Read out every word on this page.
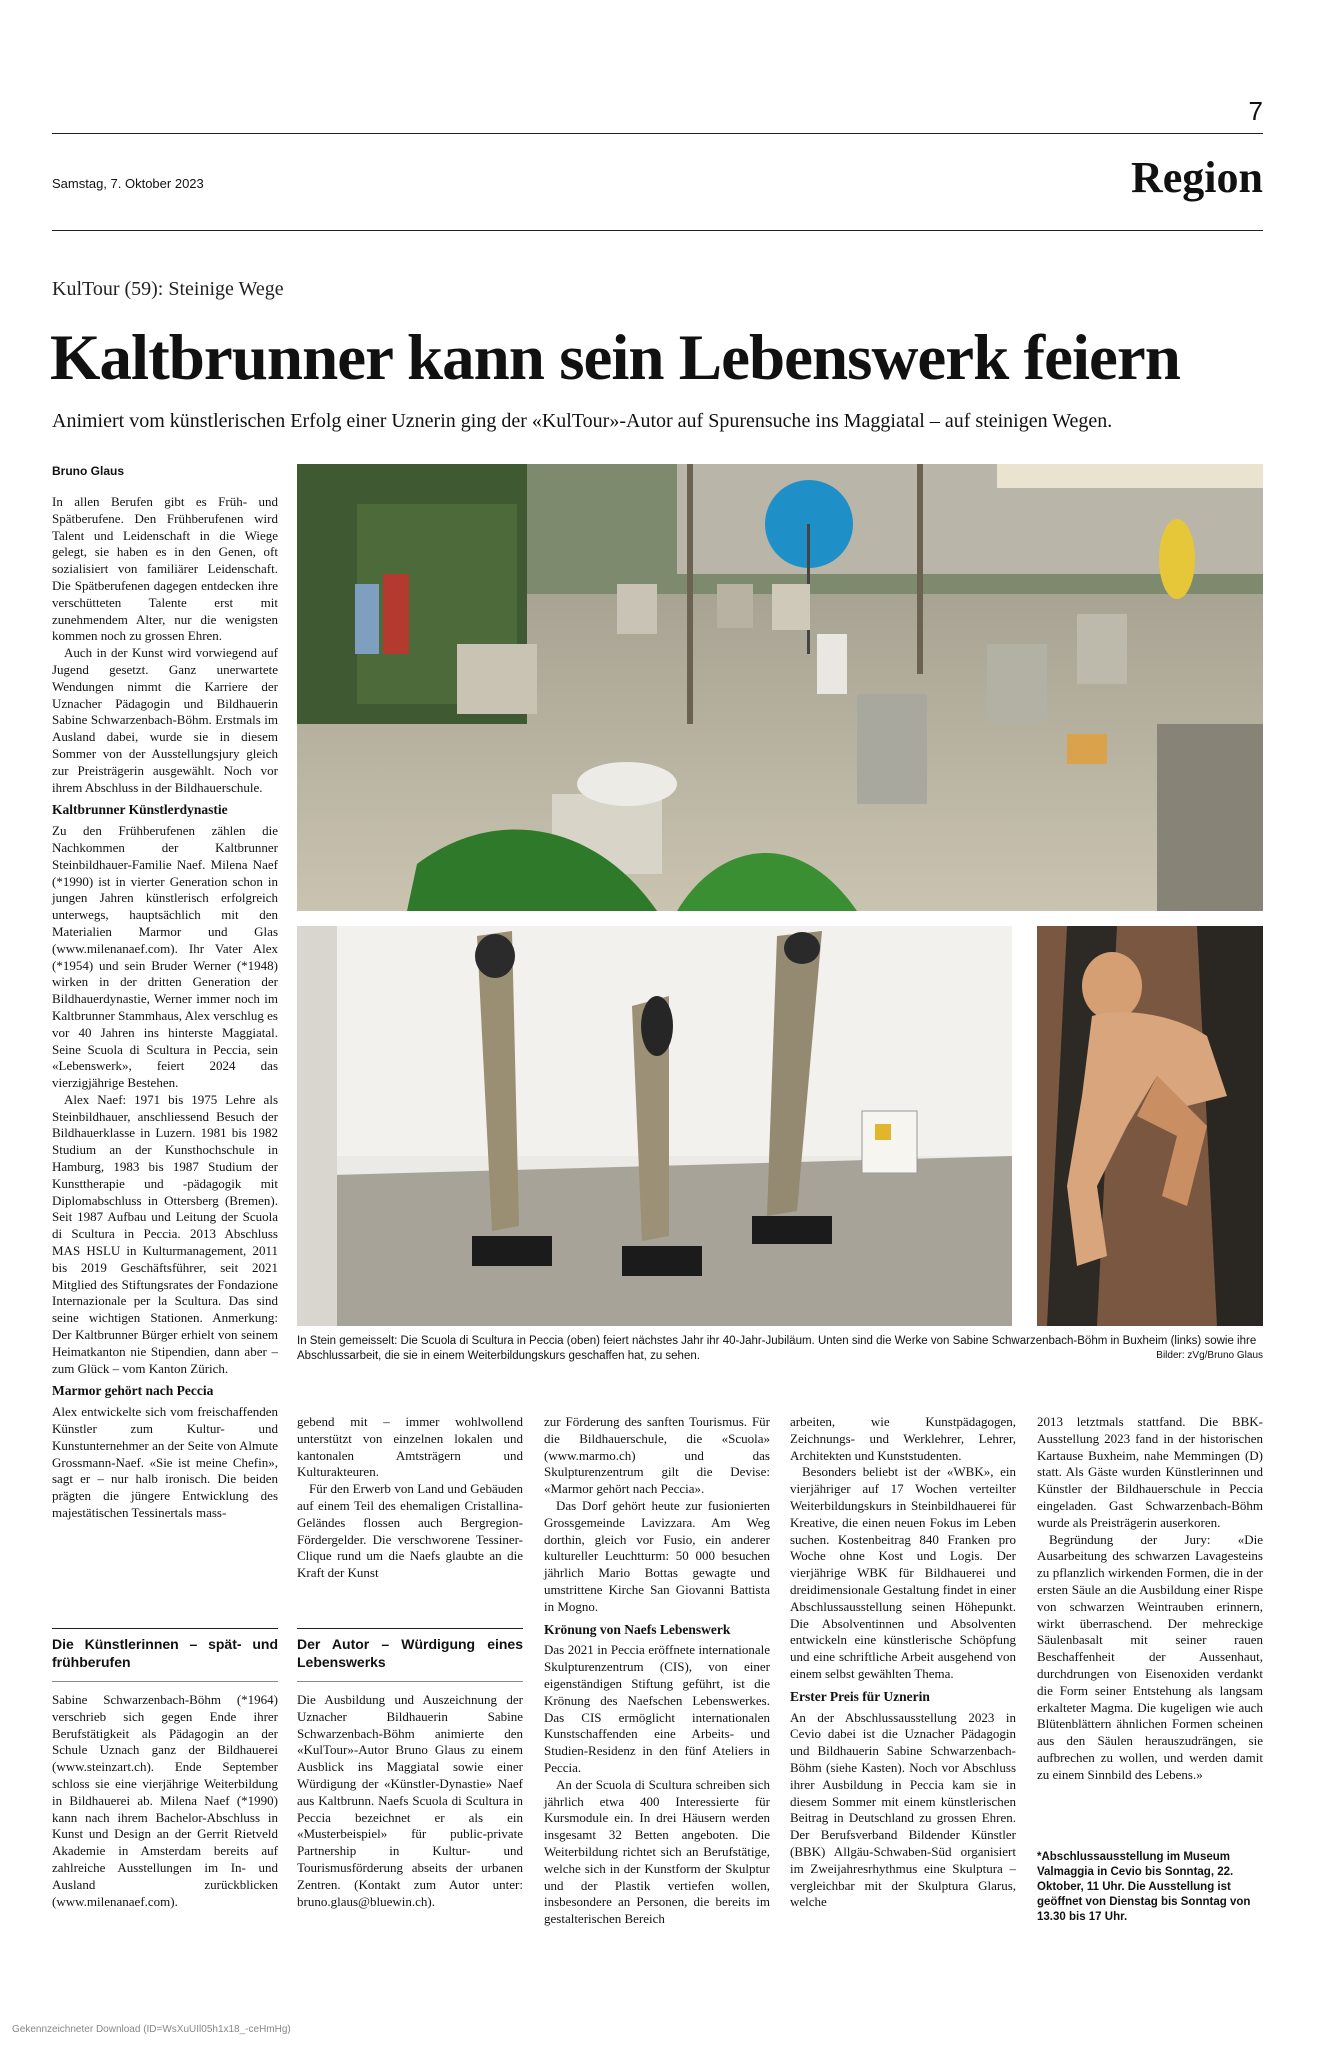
7
Samstag, 7. Oktober 2023	Region
KulTour (59): Steinige Wege
Kaltbrunner kann sein Lebenswerk feiern
Animiert vom künstlerischen Erfolg einer Uznerin ging der «KulTour»-Autor auf Spurensuche ins Maggiatal – auf steinigen Wegen.
Bruno Glaus

In allen Berufen gibt es Früh- und Spätberufene. Den Frühberufenen wird Talent und Leidenschaft in die Wiege gelegt, sie haben es in den Genen, oft sozialisiert von familiärer Leidenschaft. Die Spätberufenen dagegen entdecken ihre verschütteten Talente erst mit zunehmendem Alter, nur die wenigsten kommen noch zu grossen Ehren.

Auch in der Kunst wird vorwiegend auf Jugend gesetzt. Ganz unerwartete Wendungen nimmt die Karriere der Uznacher Pädagogin und Bildhauerin Sabine Schwarzenbach-Böhm. Erstmals im Ausland dabei, wurde sie in diesem Sommer von der Ausstellungsjury gleich zur Preisträgerin ausgewählt. Noch vor ihrem Abschluss in der Bildhauerschule.

Kaltbrunner Künstlerdynastie

Zu den Frühberufenen zählen die Nachkommen der Kaltbrunner Steinbildhauer-Familie Naef. Milena Naef (*1990) ist in vierter Generation schon in jungen Jahren künstlerisch erfolgreich unterwegs, hauptsächlich mit den Materialien Marmor und Glas (www.milenanaef.com). Ihr Vater Alex (*1954) und sein Bruder Werner (*1948) wirken in der dritten Generation der Bildhauerdynastie, Werner immer noch im Kaltbrunner Stammhaus, Alex verschlug es vor 40 Jahren ins hinterste Maggiatal. Seine Scuola di Scultura in Peccia, sein «Lebenswerk», feiert 2024 das vierzigjährige Bestehen.

Alex Naef: 1971 bis 1975 Lehre als Steinbildhauer, anschliessend Besuch der Bildhauerklasse in Luzern. 1981 bis 1982 Studium an der Kunsthochschule in Hamburg, 1983 bis 1987 Studium der Kunsttherapie und -pädagogik mit Diplomabschluss in Ottersberg (Bremen). Seit 1987 Aufbau und Leitung der Scuola di Scultura in Peccia. 2013 Abschluss MAS HSLU in Kulturmanagement, 2011 bis 2019 Geschäftsführer, seit 2021 Mitglied des Stiftungsrates der Fondazione Internazionale per la Scultura. Das sind seine wichtigen Stationen. Anmerkung: Der Kaltbrunner Bürger erhielt von seinem Heimatkanton nie Stipendien, dann aber – zum Glück – vom Kanton Zürich.

Marmor gehört nach Peccia

Alex entwickelte sich vom freischaffenden Künstler zum Kultur- und Kunstunternehmer an der Seite von Almute Grossmann-Naef. «Sie ist meine Chefin», sagt er – nur halb ironisch. Die beiden prägten die jüngere Entwicklung des majestätischen Tessinertals mass-

In Stein gemeisselt: Die Scuola di Scultura in Peccia (oben) feiert nächstes Jahr ihr 40-Jahr-Jubiläum. Unten sind die Werke von Sabine Schwarzenbach-Böhm in Buxheim (links) sowie ihre Abschlussarbeit, die sie in einem Weiterbildungskurs geschaffen hat, zu sehen.	Bilder: zVg/Bruno Glaus

gebend mit – immer wohlwollend unterstützt von einzelnen lokalen und kantonalen Amtsträgern und Kulturakteuren.

Für den Erwerb von Land und Gebäuden auf einem Teil des ehemaligen Cristallina-Geländes flossen auch Bergregion-Fördergelder. Die verschworene Tessiner-Clique rund um die Naefs glaubte an die Kraft der Kunst

zur Förderung des sanften Tourismus. Für die Bildhauerschule, die «Scuola» (www.marmo.ch) und das Skulpturenzentrum gilt die Devise: «Marmor gehört nach Peccia».

Das Dorf gehört heute zur fusionierten Grossgemeinde Lavizzara. Am Weg dorthin, gleich vor Fusio, ein anderer kultureller Leuchtturm: 50 000 besuchen jährlich Mario Bottas gewagte und umstrittene Kirche San Giovanni Battista in Mogno.

Krönung von Naefs Lebenswerk

Das 2021 in Peccia eröffnete internationale Skulpturenzentrum (CIS), von einer eigenständigen Stiftung geführt, ist die Krönung des Naefschen Lebenswerkes. Das CIS ermöglicht internationalen Kunstschaffenden eine Arbeits- und Studien-Residenz in den fünf Ateliers in Peccia.

An der Scuola di Scultura schreiben sich jährlich etwa 400 Interessierte für Kursmodule ein. In drei Häusern werden insgesamt 32 Betten angeboten. Die Weiterbildung richtet sich an Berufstätige, welche sich in der Kunstform der Skulptur und der Plastik vertiefen wollen, insbesondere an Personen, die bereits im gestalterischen Bereich

arbeiten, wie Kunstpädagogen, Zeichnungs- und Werklehrer, Lehrer, Architekten und Kunststudenten.

Besonders beliebt ist der «WBK», ein vierjähriger auf 17 Wochen verteilter Weiterbildungskurs in Steinbildhauerei für Kreative, die einen neuen Fokus im Leben suchen. Kostenbeitrag 840 Franken pro Woche ohne Kost und Logis. Der vierjährige WBK für Bildhauerei und dreidimensionale Gestaltung findet in einer Abschlussausstellung seinen Höhepunkt. Die Absolventinnen und Absolventen entwickeln eine künstlerische Schöpfung und eine schriftliche Arbeit ausgehend von einem selbst gewählten Thema.

Erster Preis für Uznerin

An der Abschlussausstellung 2023 in Cevio dabei ist die Uznacher Pädagogin und Bildhauerin Sabine Schwarzenbach-Böhm (siehe Kasten). Noch vor Abschluss ihrer Ausbildung in Peccia kam sie in diesem Sommer mit einem künstlerischen Beitrag in Deutschland zu grossen Ehren. Der Berufsverband Bildender Künstler (BBK) Allgäu-Schwaben-Süd organisiert im Zweijahresrhythmus eine Skulptura – vergleichbar mit der Skulptura Glarus, welche

2013 letztmals stattfand. Die BBK-Ausstellung 2023 fand in der historischen Kartause Buxheim, nahe Memmingen (D) statt. Als Gäste wurden Künstlerinnen und Künstler der Bildhauerschule in Peccia eingeladen. Gast Schwarzenbach-Böhm wurde als Preisträgerin auserkoren.

Begründung der Jury: «Die Ausarbeitung des schwarzen Lavagesteins zu pflanzlich wirkenden Formen, die in der ersten Säule an die Ausbildung einer Rispe von schwarzen Weintrauben erinnern, wirkt überraschend. Der mehreckige Säulenbasalt mit seiner rauen Beschaffenheit der Aussenhaut, durchdrungen von Eisenoxiden verdankt die Form seiner Entstehung als langsam erkalteter Magma. Die kugeligen wie auch Blütenblättern ähnlichen Formen scheinen aus den Säulen herauszudrängen, sie aufbrechen zu wollen, und werden damit zu einem Sinnbild des Lebens.»

*Abschlussausstellung im Museum Valmaggia in Cevio bis Sonntag, 22. Oktober, 11 Uhr. Die Ausstellung ist geöffnet von Dienstag bis Sonntag von 13.30 bis 17 Uhr.
Die Künstlerinnen – spät- und frühberufen
Sabine Schwarzenbach-Böhm (*1964) verschrieb sich gegen Ende ihrer Berufstätigkeit als Pädagogin an der Schule Uznach ganz der Bildhauerei (www.steinzart.ch). Ende September schloss sie eine vierjährige Weiterbildung in Bildhauerei ab. Milena Naef (*1990) kann nach ihrem Bachelor-Abschluss in Kunst und Design an der Gerrit Rietveld Akademie in Amsterdam bereits auf zahlreiche Ausstellungen im In- und Ausland zurückblicken (www.milenanaef.com).
Der Autor – Würdigung eines Lebenswerks
Die Ausbildung und Auszeichnung der Uznacher Bildhauerin Sabine Schwarzenbach-Böhm animierte den «KulTour»-Autor Bruno Glaus zu einem Ausblick ins Maggiatal sowie einer Würdigung der «Künstler-Dynastie» Naef aus Kaltbrunn. Naefs Scuola di Scultura in Peccia bezeichnet er als ein «Musterbeispiel» für public-private Partnership in Kultur- und Tourismusförderung abseits der urbanen Zentren. (Kontakt zum Autor unter: bruno.glaus@bluewin.ch).
Gekennzeichneter Download (ID=WsXuUIl05h1x18_-ceHmHg)
